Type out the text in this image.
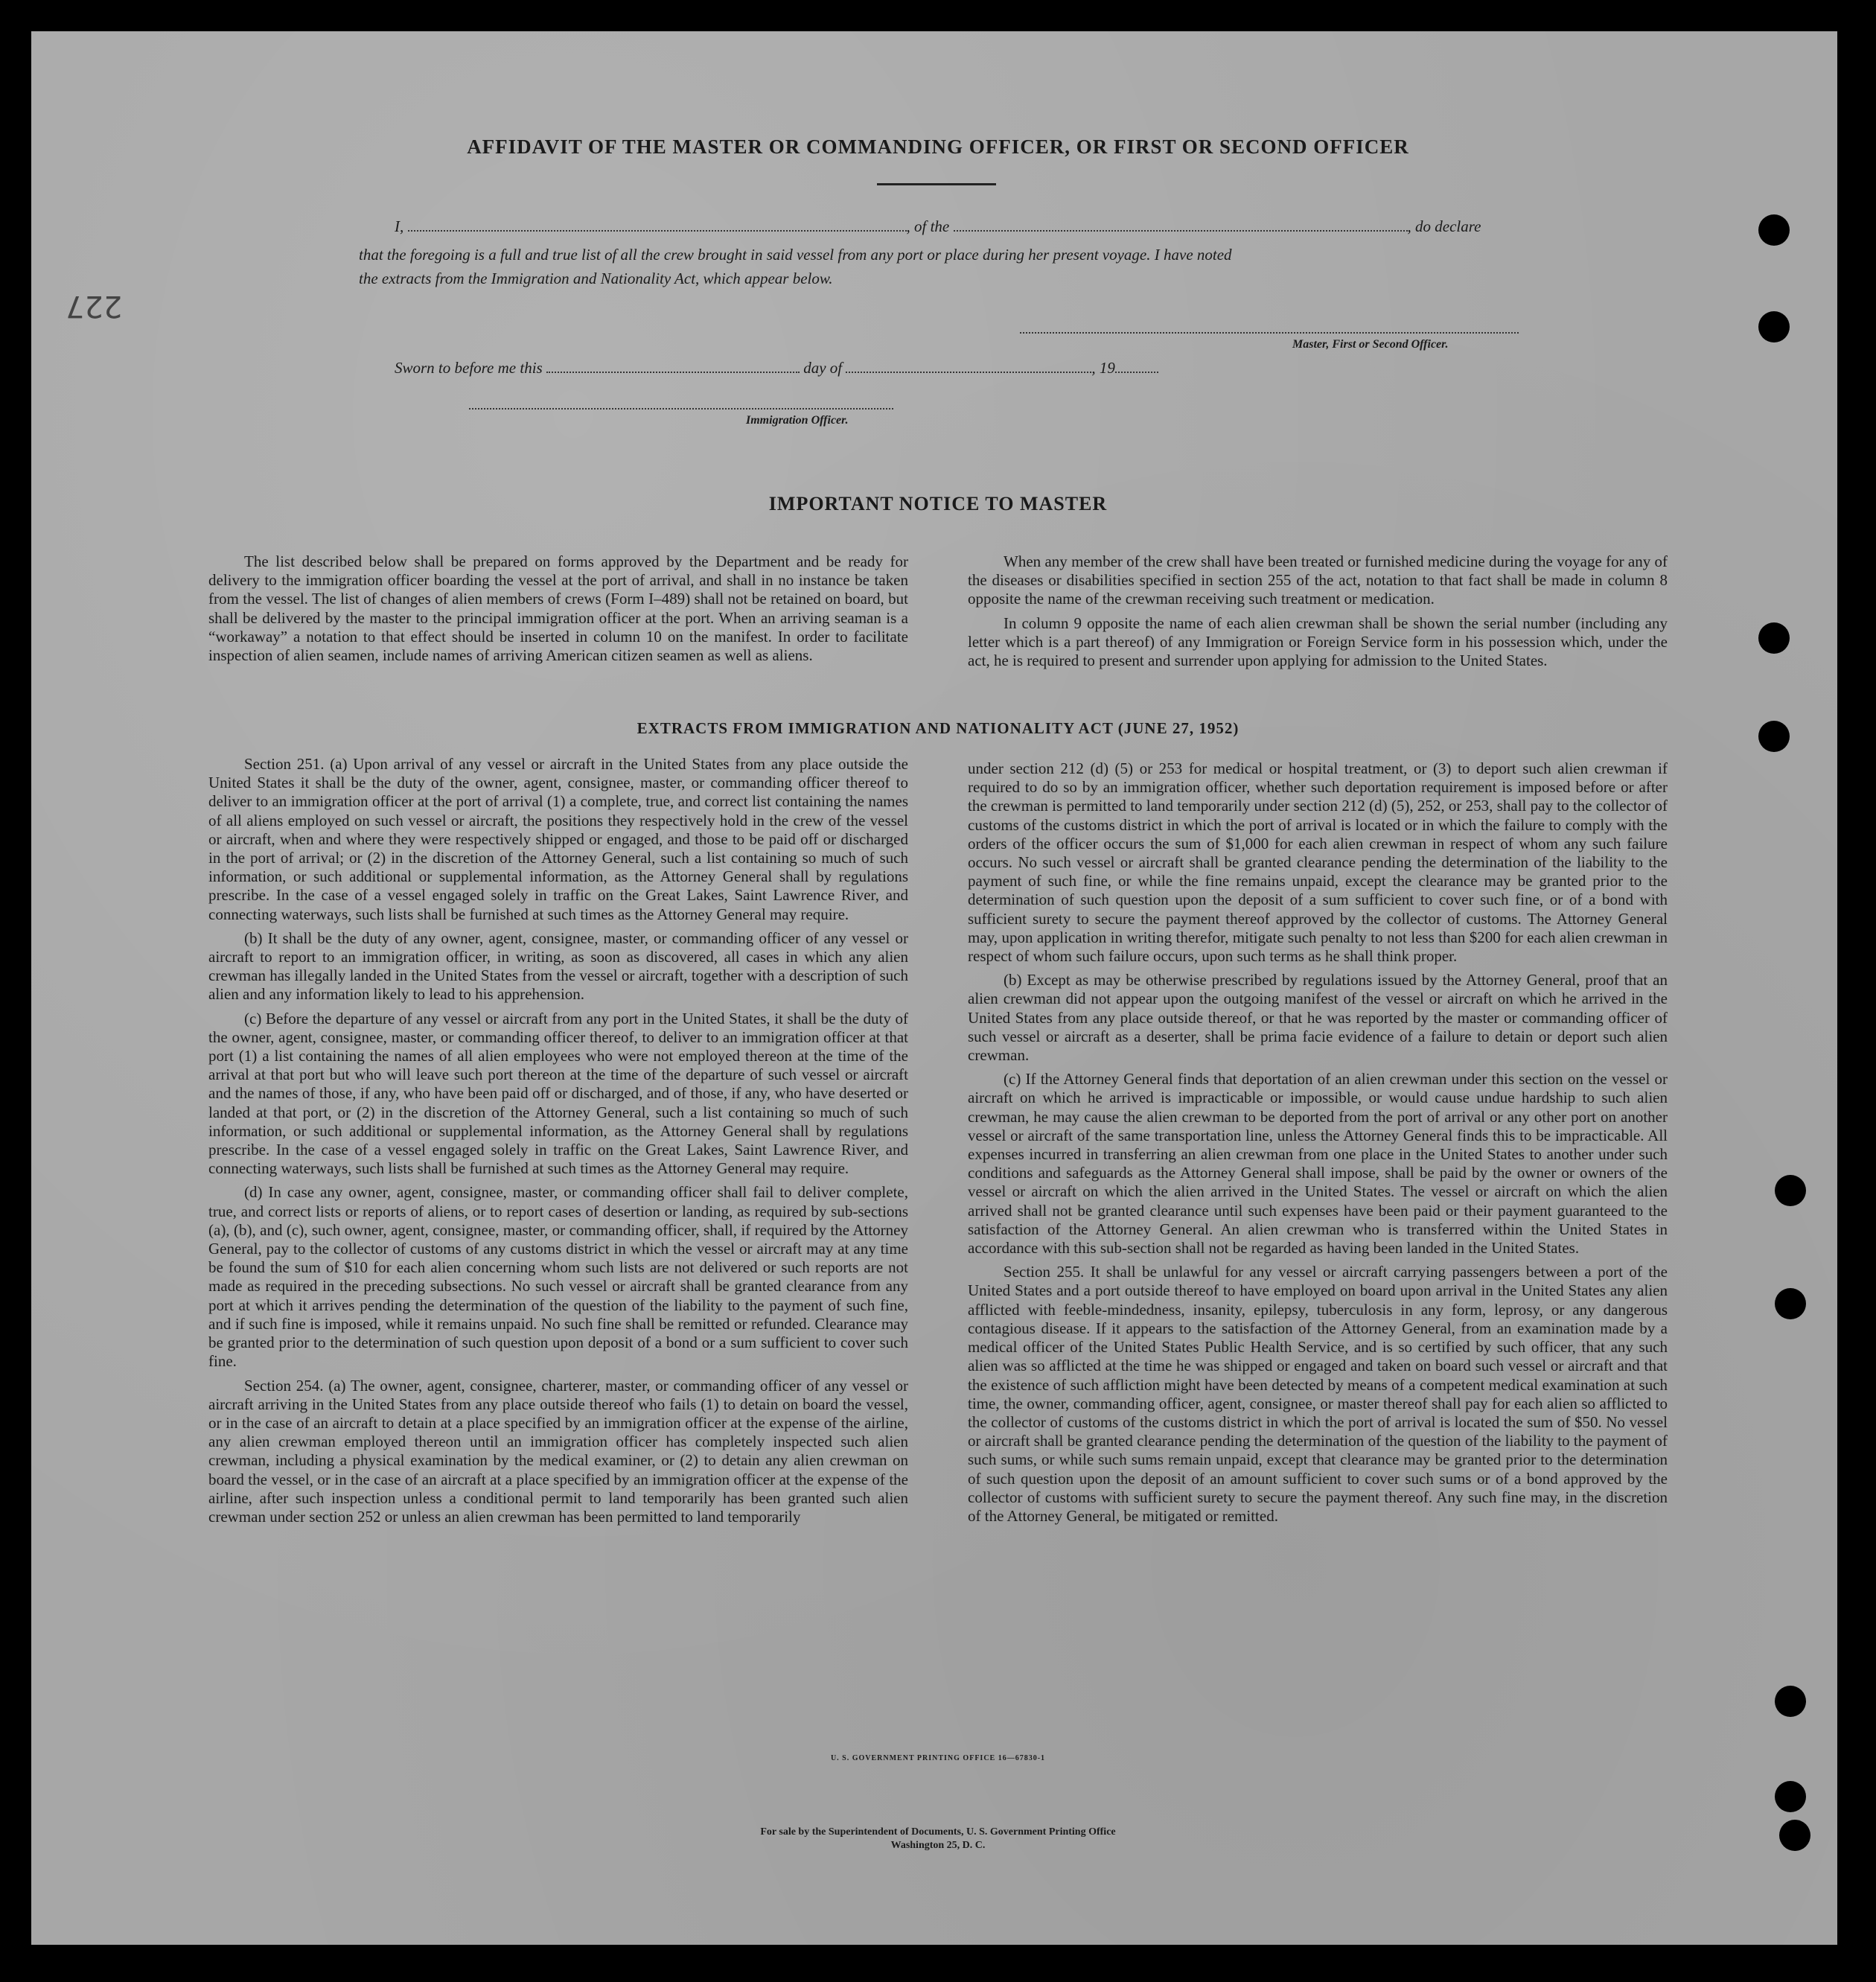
227
AFFIDAVIT OF THE MASTER OR COMMANDING OFFICER, OR FIRST OR SECOND OFFICER
I,	, of the	, do declare
that the foregoing is a full and true list of all the crew brought in said vessel from any port or place during her present voyage. I have noted
the extracts from the Immigration and Nationality Act, which appear below.
Master, First or Second Officer.
Sworn to before me this	day of	, 19
Immigration Officer.
IMPORTANT NOTICE TO MASTER

The list described below shall be prepared on forms approved by the Department and be ready for delivery to the immigration officer boarding the vessel at the port of arrival, and shall in no instance be taken from the vessel. The list of changes of alien members of crews (Form I–489) shall not be retained on board, but shall be delivered by the master to the principal immigration officer at the port. When an arriving seaman is a “workaway” a notation to that effect should be inserted in column 10 on the manifest. In order to facilitate inspection of alien seamen, include names of arriving American citizen seamen as well as aliens.

When any member of the crew shall have been treated or furnished medicine during the voyage for any of the diseases or disabilities specified in section 255 of the act, notation to that fact shall be made in column 8 opposite the name of the crewman receiving such treatment or medication.

In column 9 opposite the name of each alien crewman shall be shown the serial number (including any letter which is a part thereof) of any Immigration or Foreign Service form in his possession which, under the act, he is required to present and surrender upon applying for admission to the United States.

EXTRACTS FROM IMMIGRATION AND NATIONALITY ACT (JUNE 27, 1952)

Section 251. (a) Upon arrival of any vessel or aircraft in the United States from any place outside the United States it shall be the duty of the owner, agent, consignee, master, or commanding officer thereof to deliver to an immigration officer at the port of arrival (1) a complete, true, and correct list containing the names of all aliens employed on such vessel or aircraft, the positions they respectively hold in the crew of the vessel or aircraft, when and where they were respectively shipped or engaged, and those to be paid off or discharged in the port of arrival; or (2) in the discretion of the Attorney General, such a list containing so much of such information, or such additional or supplemental information, as the Attorney General shall by regulations prescribe. In the case of a vessel engaged solely in traffic on the Great Lakes, Saint Lawrence River, and connecting waterways, such lists shall be furnished at such times as the Attorney General may require.

(b) It shall be the duty of any owner, agent, consignee, master, or commanding officer of any vessel or aircraft to report to an immigration officer, in writing, as soon as discovered, all cases in which any alien crewman has illegally landed in the United States from the vessel or aircraft, together with a description of such alien and any information likely to lead to his apprehension.

(c) Before the departure of any vessel or aircraft from any port in the United States, it shall be the duty of the owner, agent, consignee, master, or commanding officer thereof, to deliver to an immigration officer at that port (1) a list containing the names of all alien employees who were not employed thereon at the time of the arrival at that port but who will leave such port thereon at the time of the departure of such vessel or aircraft and the names of those, if any, who have been paid off or discharged, and of those, if any, who have deserted or landed at that port, or (2) in the discretion of the Attorney General, such a list containing so much of such information, or such additional or supplemental information, as the Attorney General shall by regulations prescribe. In the case of a vessel engaged solely in traffic on the Great Lakes, Saint Lawrence River, and connecting waterways, such lists shall be furnished at such times as the Attorney General may require.

(d) In case any owner, agent, consignee, master, or commanding officer shall fail to deliver complete, true, and correct lists or reports of aliens, or to report cases of desertion or landing, as required by sub-sections (a), (b), and (c), such owner, agent, consignee, master, or commanding officer, shall, if required by the Attorney General, pay to the collector of customs of any customs district in which the vessel or aircraft may at any time be found the sum of $10 for each alien concerning whom such lists are not delivered or such reports are not made as required in the preceding subsections. No such vessel or aircraft shall be granted clearance from any port at which it arrives pending the determination of the question of the liability to the payment of such fine, and if such fine is imposed, while it remains unpaid. No such fine shall be remitted or refunded. Clearance may be granted prior to the determination of such question upon deposit of a bond or a sum sufficient to cover such fine.

Section 254. (a) The owner, agent, consignee, charterer, master, or commanding officer of any vessel or aircraft arriving in the United States from any place outside thereof who fails (1) to detain on board the vessel, or in the case of an aircraft to detain at a place specified by an immigration officer at the expense of the airline, any alien crewman employed thereon until an immigration officer has completely inspected such alien crewman, including a physical examination by the medical examiner, or (2) to detain any alien crewman on board the vessel, or in the case of an aircraft at a place specified by an immigration officer at the expense of the airline, after such inspection unless a conditional permit to land temporarily has been granted such alien crewman under section 252 or unless an alien crewman has been permitted to land temporarily

under section 212 (d) (5) or 253 for medical or hospital treatment, or (3) to deport such alien crewman if required to do so by an immigration officer, whether such deportation requirement is imposed before or after the crewman is permitted to land temporarily under section 212 (d) (5), 252, or 253, shall pay to the collector of customs of the customs district in which the port of arrival is located or in which the failure to comply with the orders of the officer occurs the sum of $1,000 for each alien crewman in respect of whom any such failure occurs. No such vessel or aircraft shall be granted clearance pending the determination of the liability to the payment of such fine, or while the fine remains unpaid, except the clearance may be granted prior to the determination of such question upon the deposit of a sum sufficient to cover such fine, or of a bond with sufficient surety to secure the payment thereof approved by the collector of customs. The Attorney General may, upon application in writing therefor, mitigate such penalty to not less than $200 for each alien crewman in respect of whom such failure occurs, upon such terms as he shall think proper.

(b) Except as may be otherwise prescribed by regulations issued by the Attorney General, proof that an alien crewman did not appear upon the outgoing manifest of the vessel or aircraft on which he arrived in the United States from any place outside thereof, or that he was reported by the master or commanding officer of such vessel or aircraft as a deserter, shall be prima facie evidence of a failure to detain or deport such alien crewman.

(c) If the Attorney General finds that deportation of an alien crewman under this section on the vessel or aircraft on which he arrived is impracticable or impossible, or would cause undue hardship to such alien crewman, he may cause the alien crewman to be deported from the port of arrival or any other port on another vessel or aircraft of the same transportation line, unless the Attorney General finds this to be impracticable. All expenses incurred in transferring an alien crewman from one place in the United States to another under such conditions and safeguards as the Attorney General shall impose, shall be paid by the owner or owners of the vessel or aircraft on which the alien arrived in the United States. The vessel or aircraft on which the alien arrived shall not be granted clearance until such expenses have been paid or their payment guaranteed to the satisfaction of the Attorney General. An alien crewman who is transferred within the United States in accordance with this sub-section shall not be regarded as having been landed in the United States.

Section 255. It shall be unlawful for any vessel or aircraft carrying passengers between a port of the United States and a port outside thereof to have employed on board upon arrival in the United States any alien afflicted with feeble-mindedness, insanity, epilepsy, tuberculosis in any form, leprosy, or any dangerous contagious disease. If it appears to the satisfaction of the Attorney General, from an examination made by a medical officer of the United States Public Health Service, and is so certified by such officer, that any such alien was so afflicted at the time he was shipped or engaged and taken on board such vessel or aircraft and that the existence of such affliction might have been detected by means of a competent medical examination at such time, the owner, commanding officer, agent, consignee, or master thereof shall pay for each alien so afflicted to the collector of customs of the customs district in which the port of arrival is located the sum of $50. No vessel or aircraft shall be granted clearance pending the determination of the question of the liability to the payment of such sums, or while such sums remain unpaid, except that clearance may be granted prior to the determination of such question upon the deposit of an amount sufficient to cover such sums or of a bond approved by the collector of customs with sufficient surety to secure the payment thereof. Any such fine may, in the discretion of the Attorney General, be mitigated or remitted.

U. S. GOVERNMENT PRINTING OFFICE 16—67830-1
For sale by the Superintendent of Documents, U. S. Government Printing Office
Washington 25, D. C.
